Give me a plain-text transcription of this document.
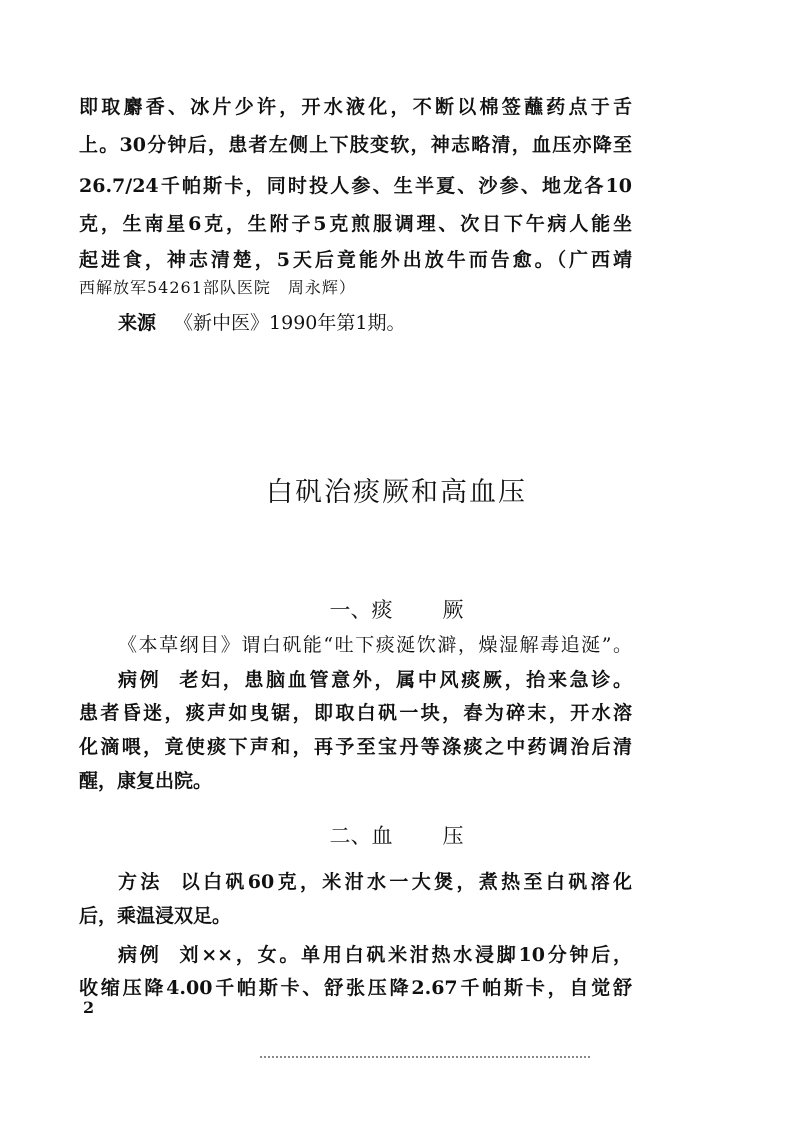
即取麝香、冰片少许，开水液化，不断以棉签蘸药点于舌
上。30分钟后，患者左侧上下肢变软，神志略清，血压亦降至
26.7/24千帕斯卡，同时投人参、生半夏、沙参、地龙各10
克，生南星6克，生附子5克煎服调理、次日下午病人能坐
起进食，神志清楚，5天后竟能外出放牛而告愈。（广西靖
西解放军54261部队医院　周永辉）
来源 《新中医》1990年第1期。
白矾治痰厥和高血压
一、痰 厥
《本草纲目》谓白矾能“吐下痰涎饮澼，燥湿解毒追涎”。
病例 老妇，患脑血管意外，属中风痰厥，抬来急诊。
患者昏迷，痰声如曳锯，即取白矾一块，舂为碎末，开水溶
化滴喂，竟使痰下声和，再予至宝丹等涤痰之中药调治后清
醒，康复出院。
二、血 压
方法 以白矾60克，米泔水一大煲，煮热至白矾溶化
后，乘温浸双足。
病例 刘××，女。单用白矾米泔热水浸脚10分钟后，
收缩压降4.00千帕斯卡、舒张压降2.67千帕斯卡，自觉舒
2
